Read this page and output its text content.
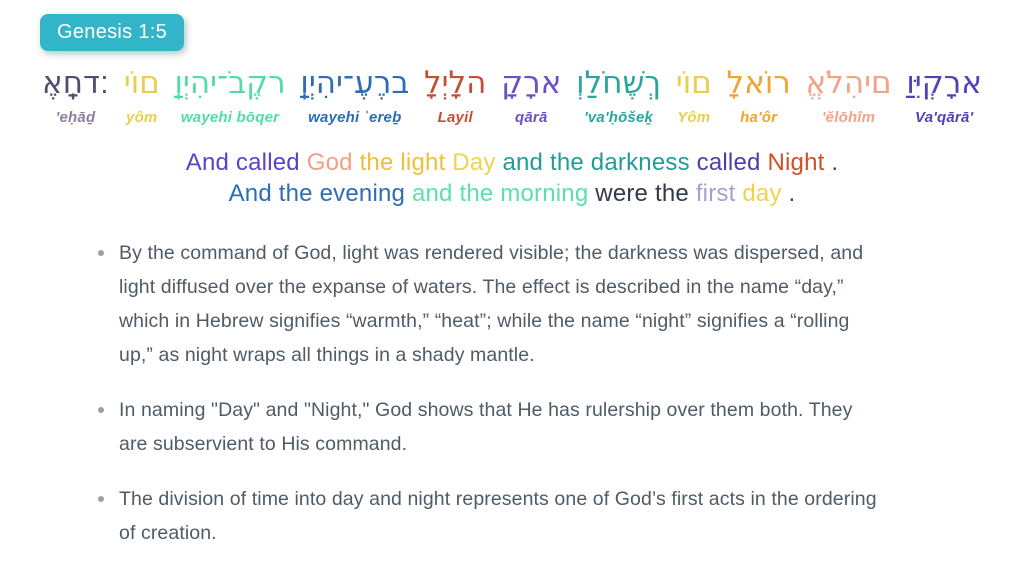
Genesis 1:5
אֶחָֽד׃
'eḥāḏ
יוֹם
yôm
וַֽיְהִי־בֹקֶר
wayehi bōqer
וַֽיְהִי־עֶרֶב
wayehi ʿereḇ
לָיְלָה
Layil
קָרָא
qārā
וְלַחֹשֶׁךְ
'va'ḥōšeḵ
יוֹם
Yôm
לָאוֹר
ha'ôr
אֱלֹהִים
'ĕlōhîm
וַיִּקְרָא
Va'qārā'
And called God the light Day and the darkness called Night .
And the evening and the morning were the first day .
By the command of God, light was rendered visible; the darkness was dispersed, and light diffused over the expanse of waters. The effect is described in the name “day,” which in Hebrew signifies “warmth,” “heat”; while the name “night” signifies a “rolling up,” as night wraps all things in a shady mantle.
In naming "Day" and "Night," God shows that He has rulership over them both. They are subservient to His command.
The division of time into day and night represents one of God’s first acts in the ordering of creation.
